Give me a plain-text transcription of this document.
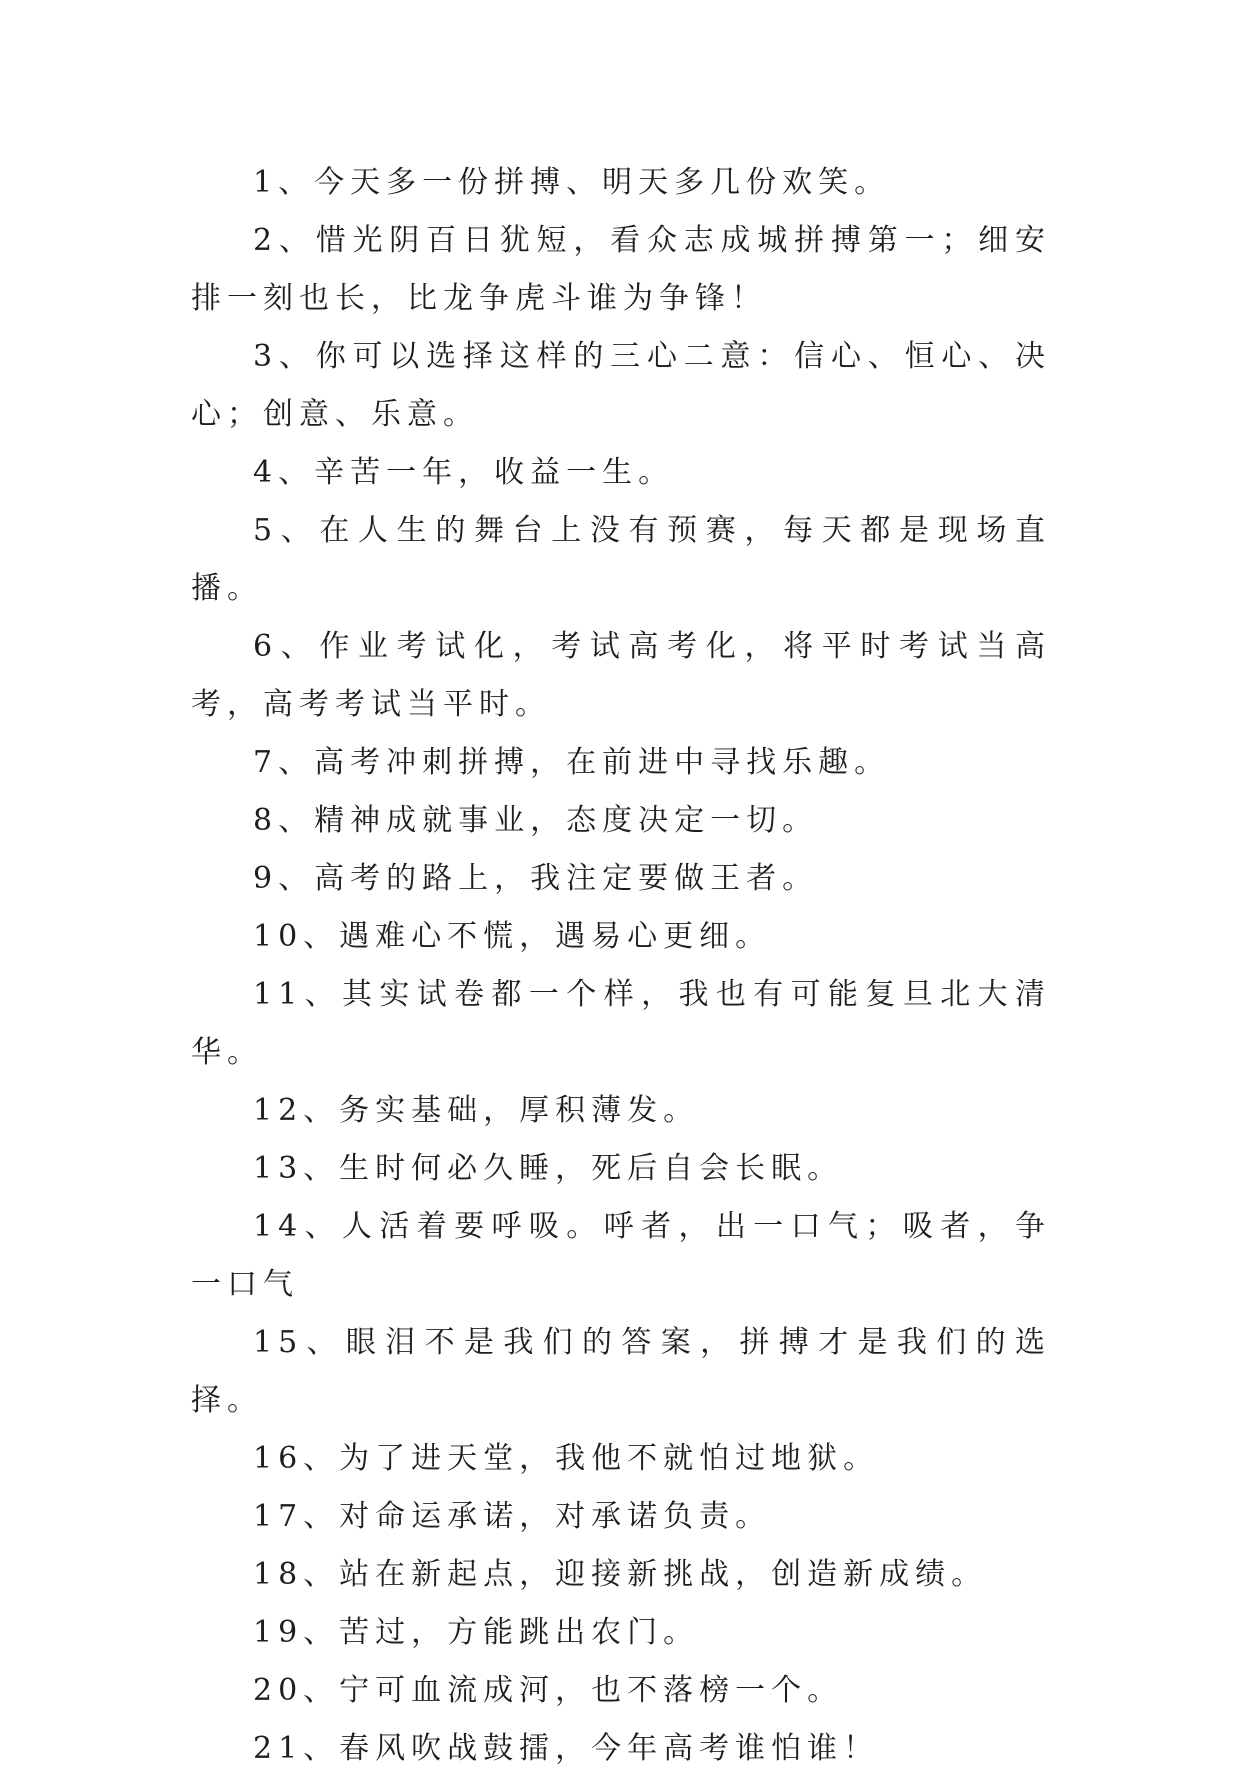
1、今天多一份拼搏、明天多几份欢笑。

2、惜光阴百日犹短，看众志成城拼搏第一；细安排一刻也长，比龙争虎斗谁为争锋！

3、你可以选择这样的三心二意：信心、恒心、决心；创意、乐意。

4、辛苦一年，收益一生。

5、在人生的舞台上没有预赛，每天都是现场直播。

6、作业考试化，考试高考化，将平时考试当高考，高考考试当平时。

7、高考冲刺拼搏，在前进中寻找乐趣。

8、精神成就事业，态度决定一切。

9、高考的路上，我注定要做王者。

10、遇难心不慌，遇易心更细。

11、其实试卷都一个样，我也有可能复旦北大清华。

12、务实基础，厚积薄发。

13、生时何必久睡，死后自会长眠。

14、人活着要呼吸。呼者，出一口气；吸者，争一口气

15、眼泪不是我们的答案，拼搏才是我们的选择。

16、为了进天堂，我他不就怕过地狱。

17、对命运承诺，对承诺负责。

18、站在新起点，迎接新挑战，创造新成绩。

19、苦过，方能跳出农门。

20、宁可血流成河，也不落榜一个。

21、春风吹战鼓擂，今年高考谁怕谁！
